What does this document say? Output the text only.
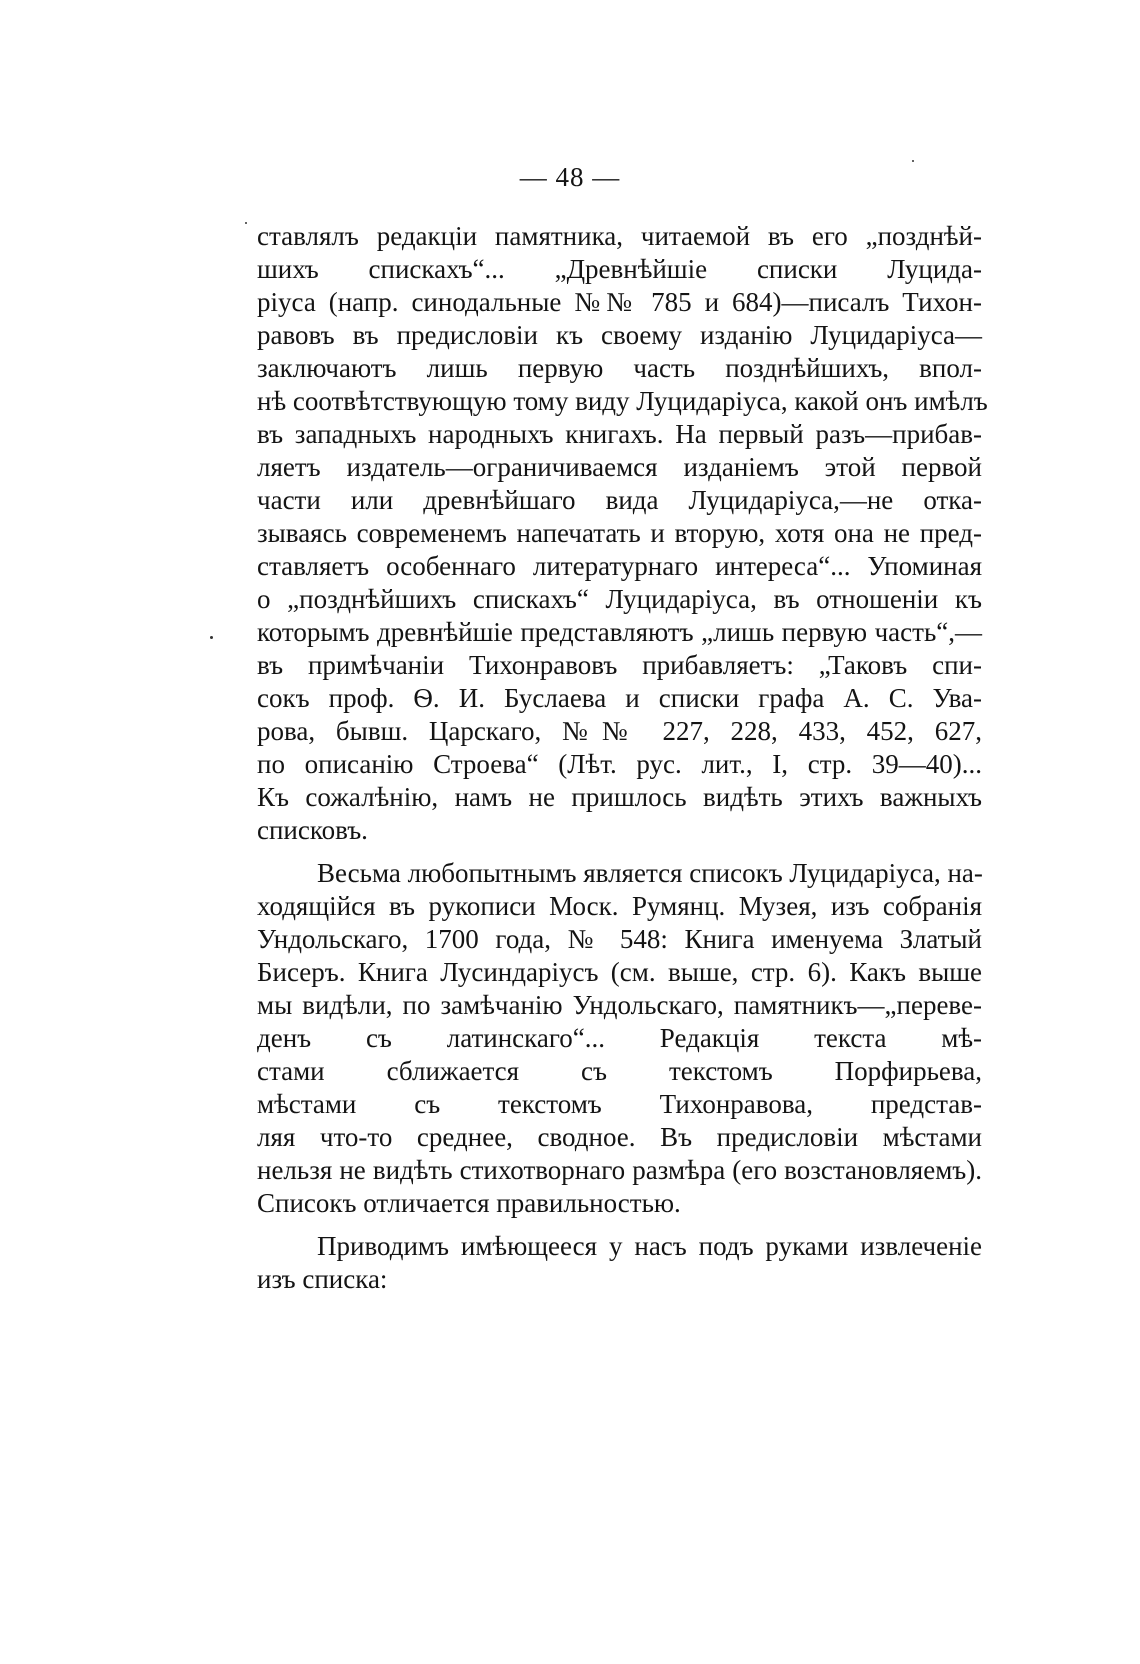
— 48 —
ставлялъ редакціи памятника, читаемой въ его „позднѣй-
шихъ спискахъ“... „Древнѣйшіе списки Луцида-
ріуса (напр. синодальные №№ 785 и 684)—писалъ Тихон-
равовъ въ предисловіи къ своему изданію Луцидаріуса—
заключаютъ лишь первую часть позднѣйшихъ, впол-
нѣ соотвѣтствующую тому виду Луцидаріуса, какой онъ имѣлъ
въ западныхъ народныхъ книгахъ. На первый разъ—прибав-
ляетъ издатель—ограничиваемся изданіемъ этой первой
части или древнѣйшаго вида Луцидаріуса,—не отка-
зываясь современемъ напечатать и вторую, хотя она не пред-
ставляетъ особеннаго литературнаго интереса“... Упоминая
о „позднѣйшихъ спискахъ“ Луцидаріуса, въ отношеніи къ
которымъ древнѣйшіе представляютъ „лишь первую часть“,—
въ примѣчаніи Тихонравовъ прибавляетъ: „Таковъ спи-
сокъ проф. Ѳ. И. Буслаева и списки графа А. С. Ува-
рова, бывш. Царскаго, №№ 227, 228, 433, 452, 627,
по описанію Строева“ (Лѣт. рус. лит., I, стр. 39—40)...
Къ сожалѣнію, намъ не пришлось видѣть этихъ важныхъ
списковъ.
Весьма любопытнымъ является списокъ Луцидаріуса, на-
ходящійся въ рукописи Моск. Румянц. Музея, изъ собранія
Ундольскаго, 1700 года, № 548: Книга именуема Златый
Бисеръ. Книга Лусиндаріусъ (см. выше, стр. 6). Какъ выше
мы видѣли, по замѣчанію Ундольскаго, памятникъ—„переве-
денъ съ латинскаго“... Редакція текста мѣ-
стами сближается съ текстомъ Порфирьева,
мѣстами съ текстомъ Тихонравова, представ-
ляя что-то среднее, сводное. Въ предисловіи мѣстами
нельзя не видѣть стихотворнаго размѣра (его возстановляемъ).
Списокъ отличается правильностью.
Приводимъ имѣющееся у насъ подъ руками извлеченіе
изъ списка:
